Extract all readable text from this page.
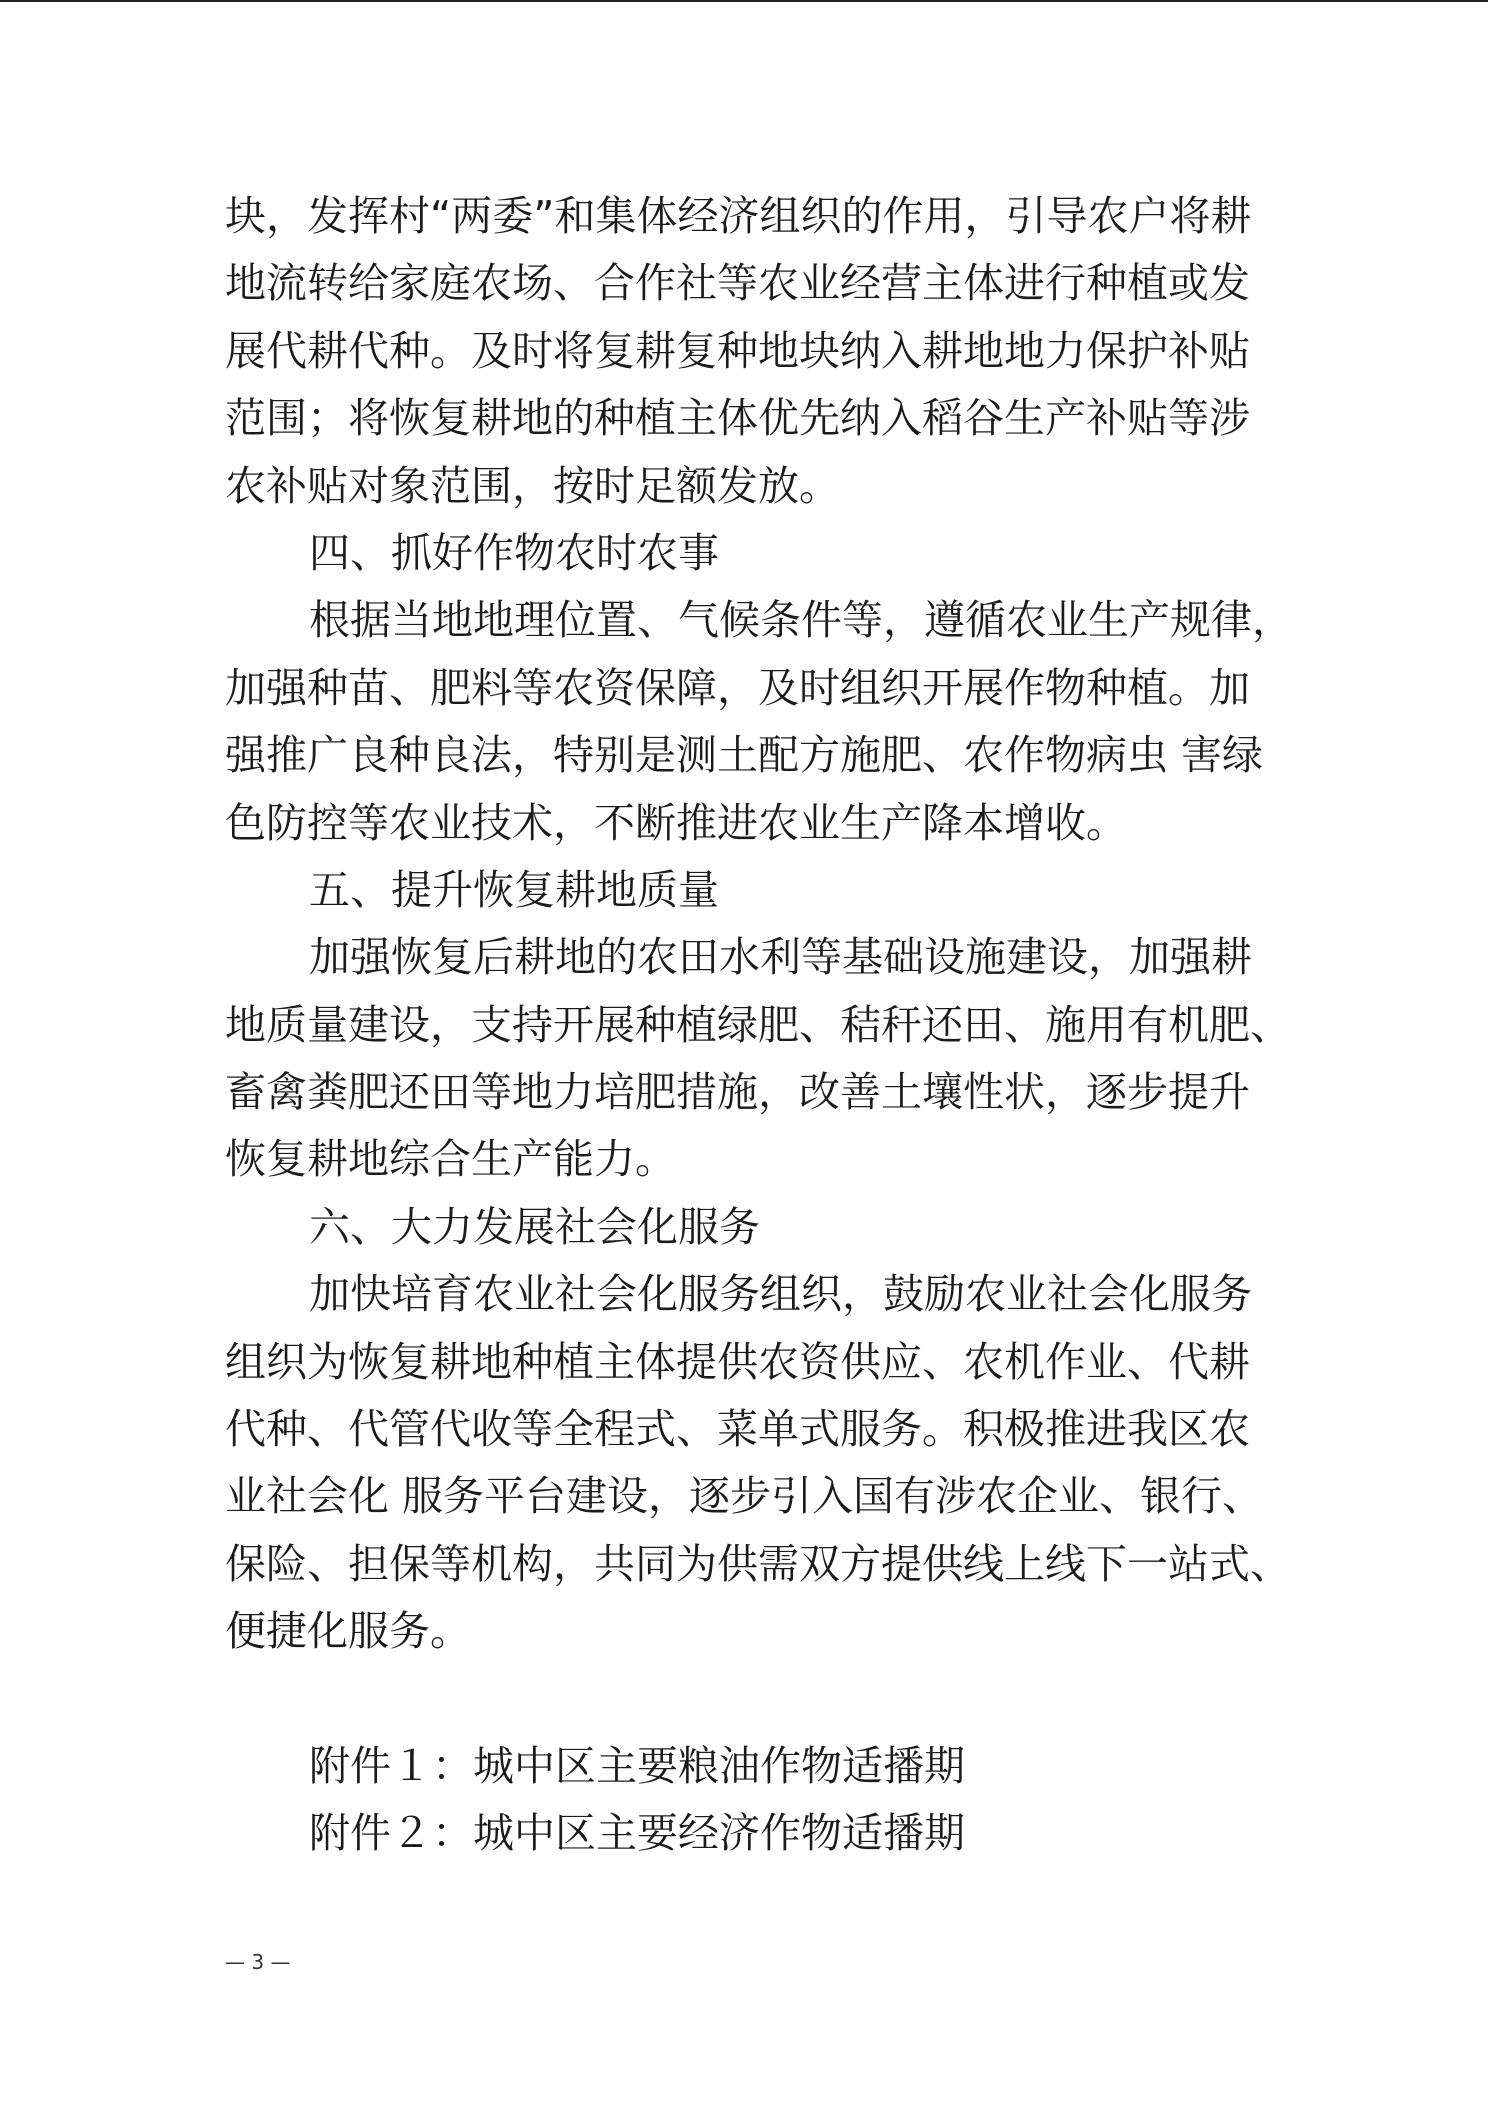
块，发挥村“两委”和集体经济组织的作用，引导农户将耕
地流转给家庭农场、合作社等农业经营主体进行种植或发
展代耕代种。及时将复耕复种地块纳入耕地地力保护补贴
范围；将恢复耕地的种植主体优先纳入稻谷生产补贴等涉
农补贴对象范围，按时足额发放。
四、抓好作物农时农事
根据当地地理位置、气候条件等，遵循农业生产规律，
加强种苗、肥料等农资保障，及时组织开展作物种植。加
强推广良种良法，特别是测土配方施肥、农作物病虫 害绿
色防控等农业技术，不断推进农业生产降本增收。
五、提升恢复耕地质量
加强恢复后耕地的农田水利等基础设施建设，加强耕
地质量建设，支持开展种植绿肥、秸秆还田、施用有机肥、
畜禽粪肥还田等地力培肥措施，改善土壤性状，逐步提升
恢复耕地综合生产能力。
六、大力发展社会化服务
加快培育农业社会化服务组织，鼓励农业社会化服务
组织为恢复耕地种植主体提供农资供应、农机作业、代耕
代种、代管代收等全程式、菜单式服务。积极推进我区农
业社会化 服务平台建设，逐步引入国有涉农企业、银行、
保险、担保等机构，共同为供需双方提供线上线下一站式、
便捷化服务。
附件１：城中区主要粮油作物适播期
附件２：城中区主要经济作物适播期
— 3 —
